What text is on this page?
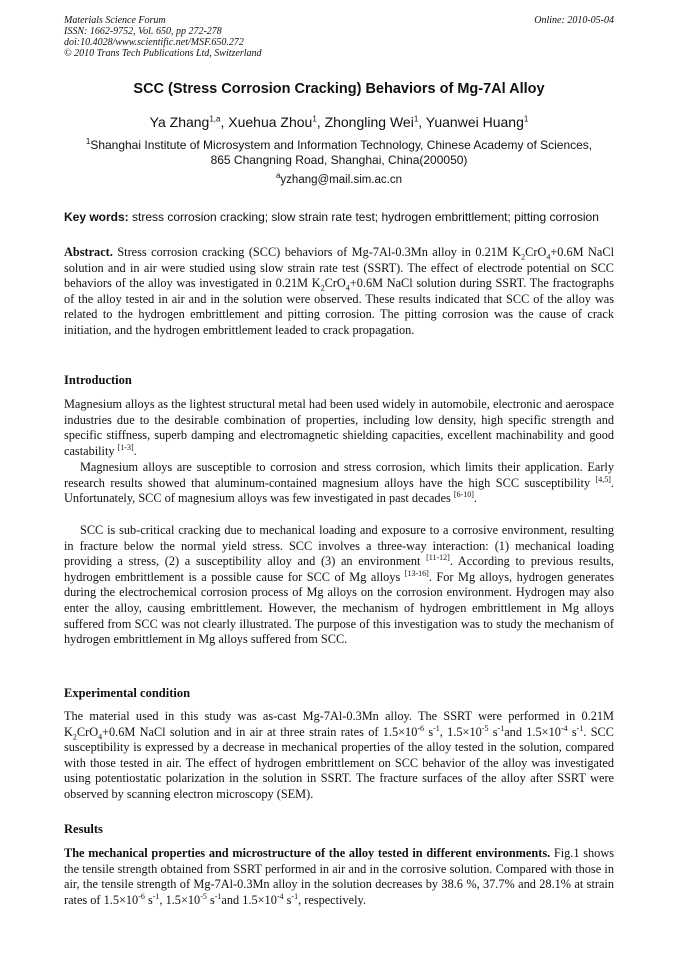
Materials Science Forum
ISSN: 1662-9752, Vol. 650, pp 272-278
doi:10.4028/www.scientific.net/MSF.650.272
© 2010 Trans Tech Publications Ltd, Switzerland
Online: 2010-05-04
SCC (Stress Corrosion Cracking) Behaviors of Mg-7Al Alloy
Ya Zhang$^{1,a}$, Xuehua Zhou$^1$, Zhongling Wei$^1$, Yuanwei Huang$^1$
$^1$Shanghai Institute of Microsystem and Information Technology, Chinese Academy of Sciences,
865 Changning Road, Shanghai, China(200050)
$^a$yzhang@mail.sim.ac.cn
Key words: stress corrosion cracking; slow strain rate test; hydrogen embrittlement; pitting corrosion
Abstract. Stress corrosion cracking (SCC) behaviors of Mg-7Al-0.3Mn alloy in 0.21M $K_2CrO_4+0.6M$ NaCl solution and in air were studied using slow strain rate test (SSRT). The effect of electrode potential on SCC behaviors of the alloy was investigated in 0.21M $K_2CrO_4+0.6M$ NaCl solution during SSRT. The fractographs of the alloy tested in air and in the solution were observed. These results indicated that SCC of the alloy was related to the hydrogen embrittlement and pitting corrosion. The pitting corrosion was the cause of crack initiation, and the hydrogen embrittlement leaded to crack propagation.
Introduction
Magnesium alloys as the lightest structural metal had been used widely in automobile, electronic and aerospace industries due to the desirable combination of properties, including low density, high specific strength and specific stiffness, superb damping and electromagnetic shielding capacities, excellent machinability and good castability [1-3].
Magnesium alloys are susceptible to corrosion and stress corrosion, which limits their application. Early research results showed that aluminum-contained magnesium alloys have the high SCC susceptibility [4,5]. Unfortunately, SCC of magnesium alloys was few investigated in past decades [6-10].
SCC is sub-critical cracking due to mechanical loading and exposure to a corrosive environment, resulting in fracture below the normal yield stress. SCC involves a three-way interaction: (1) mechanical loading providing a stress, (2) a susceptibility alloy and (3) an environment [11-12]. According to previous results, hydrogen embrittlement is a possible cause for SCC of Mg alloys [13-16]. For Mg alloys, hydrogen generates during the electrochemical corrosion process of Mg alloys on the corrosion environment. Hydrogen may also enter the alloy, causing embrittlement. However, the mechanism of hydrogen embrittlement in Mg alloys suffered from SCC was not clearly illustrated. The purpose of this investigation was to study the mechanism of hydrogen embrittlement in Mg alloys suffered from SCC.
Experimental condition
The material used in this study was as-cast Mg-7Al-0.3Mn alloy. The SSRT were performed in 0.21M $K_2CrO_4+0.6M$ NaCl solution and in air at three strain rates of $1.5\times 10^{-6}$ $s^{-1}$, $1.5\times 10^{-5}$ $s^{-1}and$ $1.5\times 10^{-4}$ $s^{-1}$. SCC susceptibility is expressed by a decrease in mechanical properties of the alloy tested in the solution, compared with those tested in air. The effect of hydrogen embrittlement on SCC behavior of the alloy was investigated using potentiostatic polarization in the solution in SSRT. The fracture surfaces of the alloy after SSRT were observed by scanning electron microscopy (SEM).
Results
The mechanical properties and microstructure of the alloy tested in different environments. Fig.1 shows the tensile strength obtained from SSRT performed in air and in the corrosive solution. Compared with those in air, the tensile strength of Mg-7Al-0.3Mn alloy in the solution decreases by 38.6 %, 37.7% and 28.1% at strain rates of $1.5\times 10^{-6}$ $s^{-1}$, $1.5\times 10^{-5}$ $s^{-1}and$ $1.5\times 10^{-4}$ $s^{-1}$, respectively.
